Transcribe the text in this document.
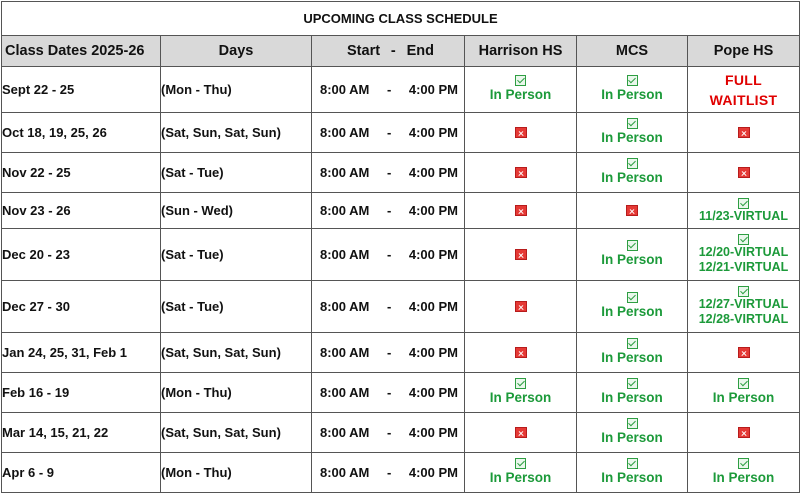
UPCOMING CLASS SCHEDULE					
Class Dates 2025-26	Days	Start - End	Harrison HS	MCS	Pope HS
Sept 22 - 25	(Mon - Thu)	8:00 AM - 4:00 PM	In Person	In Person	FULL
WAITLIST

Oct 18, 19, 25, 26	(Sat, Sun, Sat, Sun)	8:00 AM - 4:00 PM		In Person	

Nov 22 - 25	(Sat - Tue)	8:00 AM - 4:00 PM		In Person	

Nov 23 - 26	(Sun - Wed)	8:00 AM - 4:00 PM			11/23-VIRTUAL

Dec 20 - 23	(Sat - Tue)	8:00 AM - 4:00 PM		In Person	12/20-VIRTUAL
12/21-VIRTUAL

Dec 27 - 30	(Sat - Tue)	8:00 AM - 4:00 PM		In Person	12/27-VIRTUAL
12/28-VIRTUAL

Jan 24, 25, 31, Feb 1	(Sat, Sun, Sat, Sun)	8:00 AM - 4:00 PM		In Person	

Feb 16 - 19	(Mon - Thu)	8:00 AM - 4:00 PM	In Person	In Person	In Person

Mar 14, 15, 21, 22	(Sat, Sun, Sat, Sun)	8:00 AM - 4:00 PM		In Person	

Apr 6 - 9	(Mon - Thu)	8:00 AM - 4:00 PM	In Person	In Person	In Person
